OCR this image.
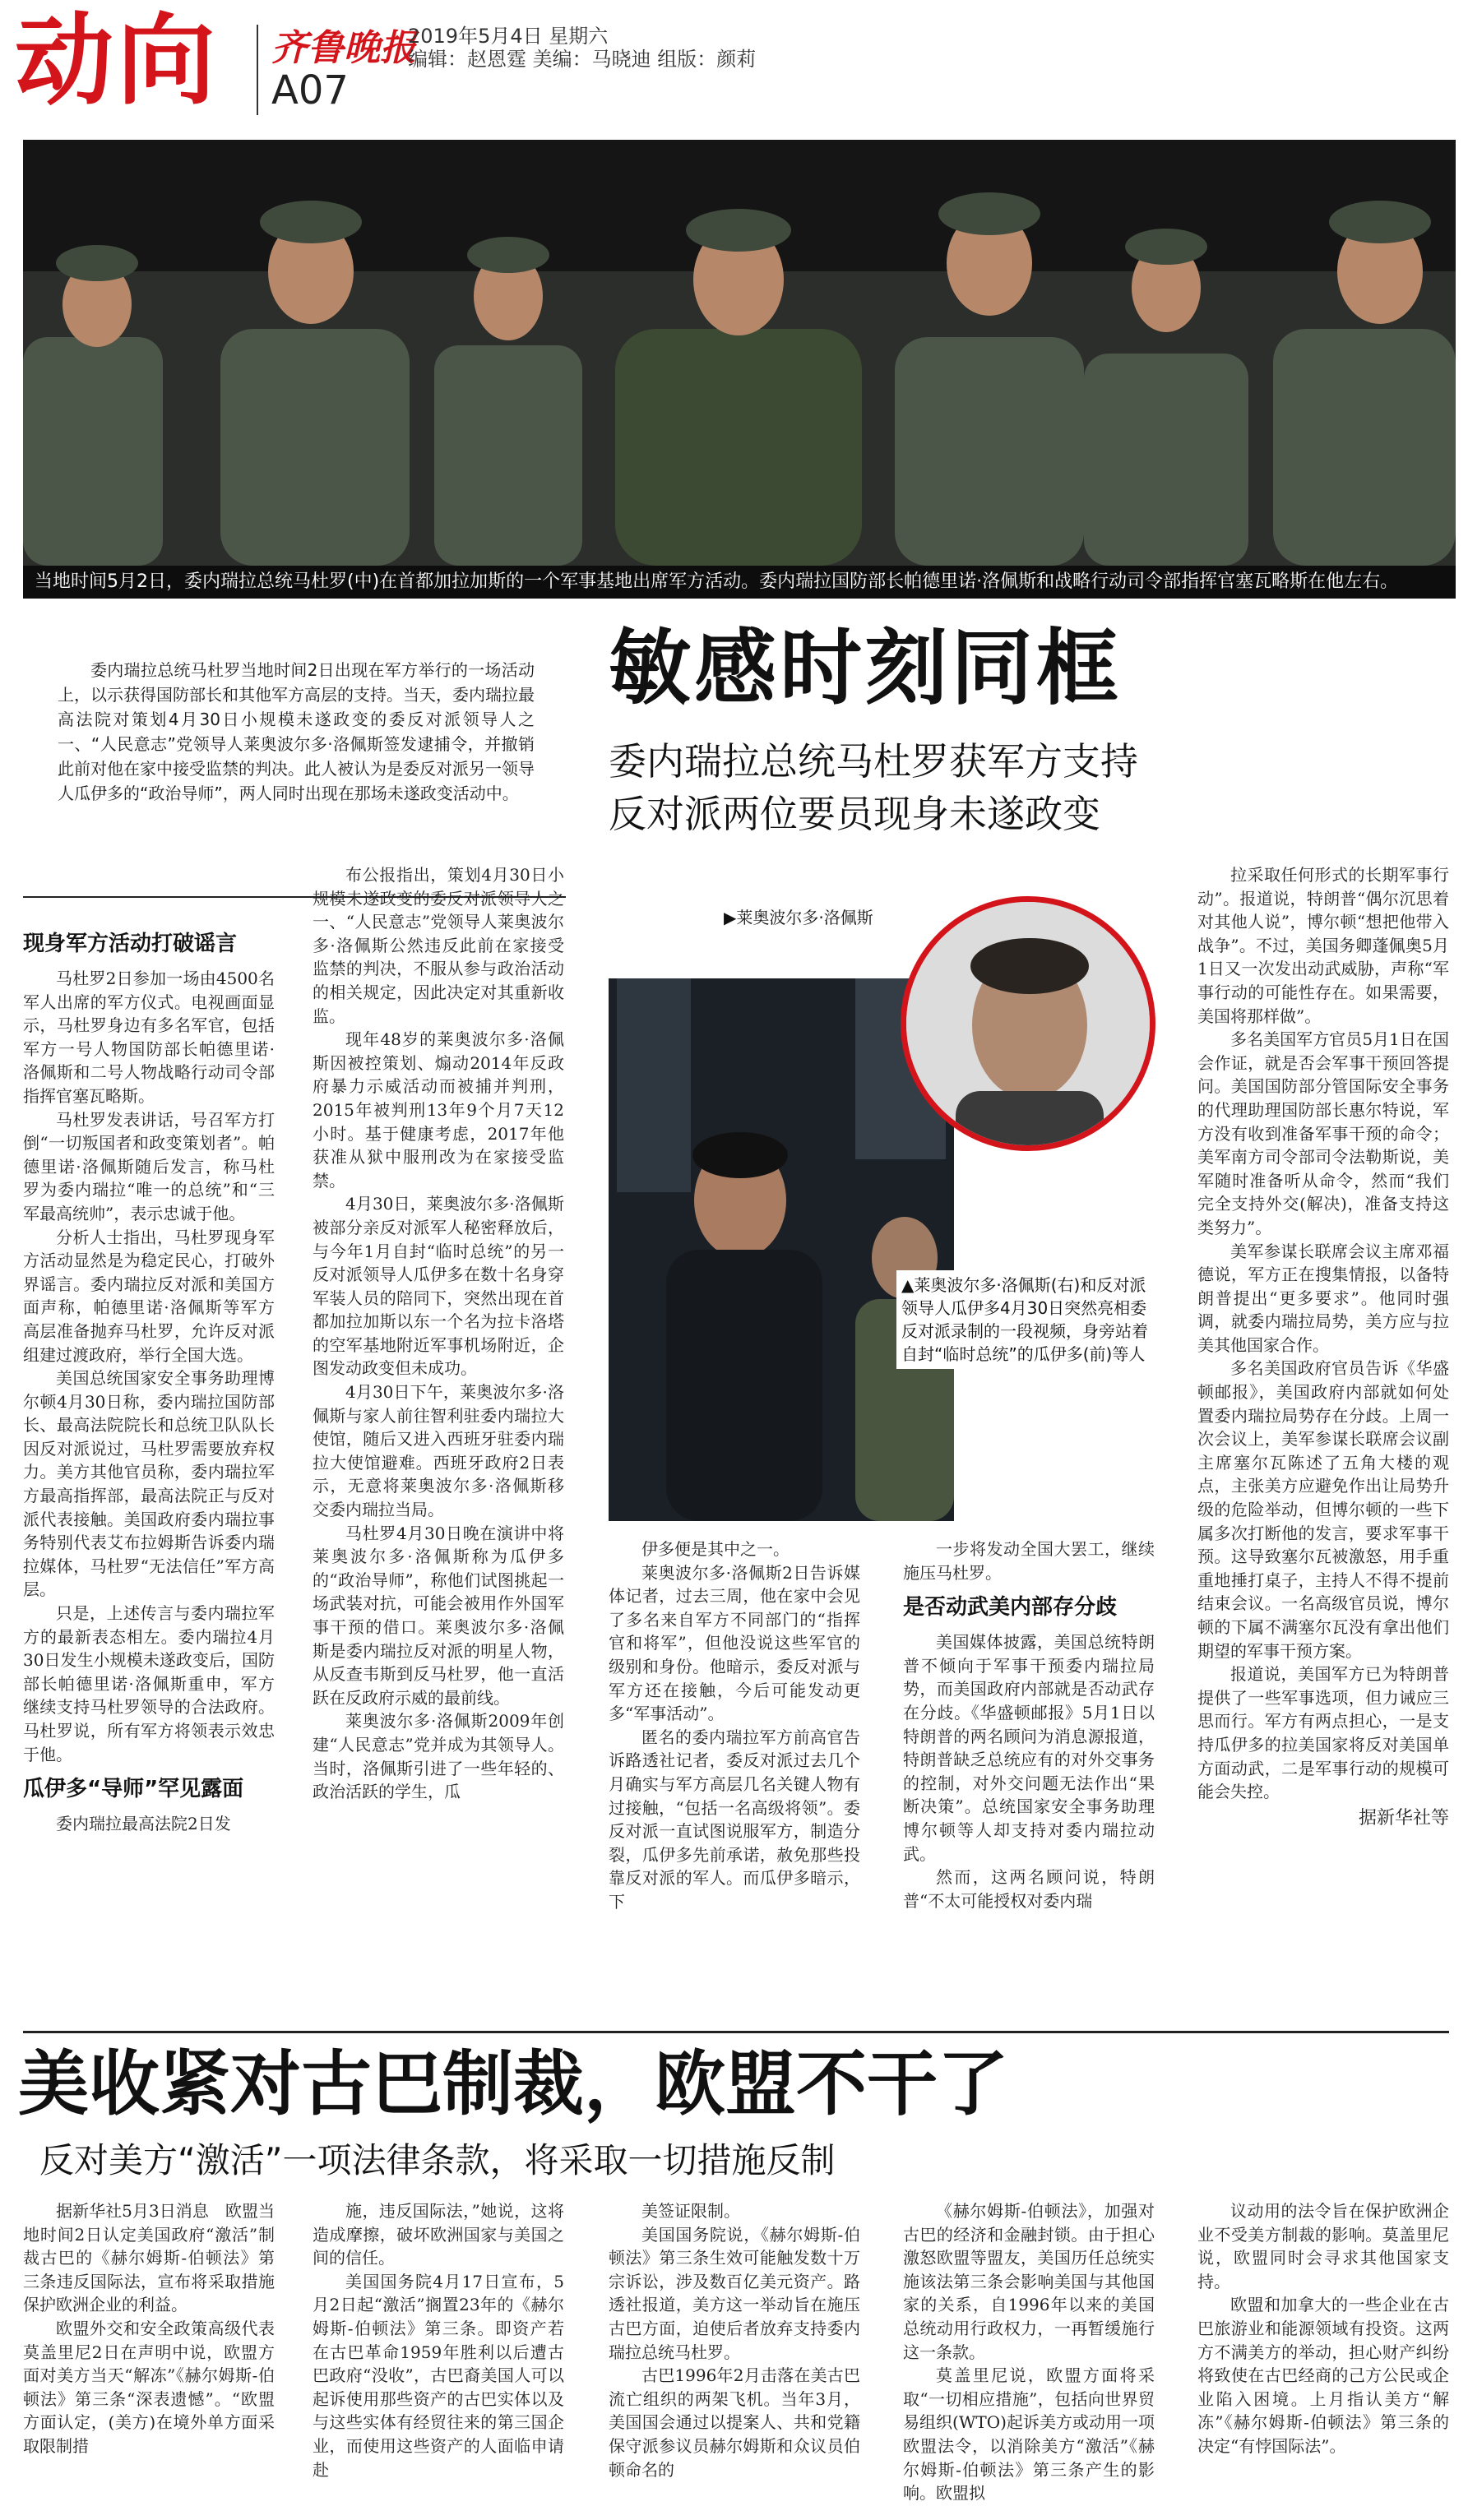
动向 齐鲁晚报
A07
2019年5月4日 星期六
编辑：赵恩霆 美编：马晓迪 组版：颜莉
当地时间5月2日，委内瑞拉总统马杜罗(中)在首都加拉加斯的一个军事基地出席军方活动。委内瑞拉国防部长帕德里诺·洛佩斯和战略行动司令部指挥官塞瓦略斯在他左右。
委内瑞拉总统马杜罗当地时间2日出现在军方举行的一场活动上，以示获得国防部长和其他军方高层的支持。当天，委内瑞拉最高法院对策划4月30日小规模未遂政变的委反对派领导人之一、“人民意志”党领导人莱奥波尔多·洛佩斯签发逮捕令，并撤销此前对他在家中接受监禁的判决。此人被认为是委反对派另一领导人瓜伊多的“政治导师”，两人同时出现在那场未遂政变活动中。
敏感时刻同框
委内瑞拉总统马杜罗获军方支持
反对派两位要员现身未遂政变
现身军方活动打破谣言

马杜罗2日参加一场由4500名军人出席的军方仪式。电视画面显示，马杜罗身边有多名军官，包括军方一号人物国防部长帕德里诺·洛佩斯和二号人物战略行动司令部指挥官塞瓦略斯。

马杜罗发表讲话，号召军方打倒“一切叛国者和政变策划者”。帕德里诺·洛佩斯随后发言，称马杜罗为委内瑞拉“唯一的总统”和“三军最高统帅”，表示忠诚于他。

分析人士指出，马杜罗现身军方活动显然是为稳定民心，打破外界谣言。委内瑞拉反对派和美国方面声称，帕德里诺·洛佩斯等军方高层准备抛弃马杜罗，允许反对派组建过渡政府，举行全国大选。

美国总统国家安全事务助理博尔顿4月30日称，委内瑞拉国防部长、最高法院院长和总统卫队队长因反对派说过，马杜罗需要放弃权力。美方其他官员称，委内瑞拉军方最高指挥部，最高法院正与反对派代表接触。美国政府委内瑞拉事务特别代表艾布拉姆斯告诉委内瑞拉媒体，马杜罗“无法信任”军方高层。

只是，上述传言与委内瑞拉军方的最新表态相左。委内瑞拉4月30日发生小规模未遂政变后，国防部长帕德里诺·洛佩斯重申，军方继续支持马杜罗领导的合法政府。马杜罗说，所有军方将领表示效忠于他。

瓜伊多“导师”罕见露面

委内瑞拉最高法院2日发

布公报指出，策划4月30日小规模未遂政变的委反对派领导人之一、“人民意志”党领导人莱奥波尔多·洛佩斯公然违反此前在家接受监禁的判决，不服从参与政治活动的相关规定，因此决定对其重新收监。

现年48岁的莱奥波尔多·洛佩斯因被控策划、煽动2014年反政府暴力示威活动而被捕并判刑，2015年被判刑13年9个月7天12小时。基于健康考虑，2017年他获准从狱中服刑改为在家接受监禁。

4月30日，莱奥波尔多·洛佩斯被部分亲反对派军人秘密释放后，与今年1月自封“临时总统”的另一反对派领导人瓜伊多在数十名身穿军装人员的陪同下，突然出现在首都加拉加斯以东一个名为拉卡洛塔的空军基地附近军事机场附近，企图发动政变但未成功。

4月30日下午，莱奥波尔多·洛佩斯与家人前往智利驻委内瑞拉大使馆，随后又进入西班牙驻委内瑞拉大使馆避难。西班牙政府2日表示，无意将莱奥波尔多·洛佩斯移交委内瑞拉当局。

马杜罗4月30日晚在演讲中将莱奥波尔多·洛佩斯称为瓜伊多的“政治导师”，称他们试图挑起一场武装对抗，可能会被用作外国军事干预的借口。莱奥波尔多·洛佩斯是委内瑞拉反对派的明星人物，从反查韦斯到反马杜罗，他一直活跃在反政府示威的最前线。

莱奥波尔多·洛佩斯2009年创建“人民意志”党并成为其领导人。当时，洛佩斯引进了一些年轻的、政治活跃的学生，瓜

伊多便是其中之一。

莱奥波尔多·洛佩斯2日告诉媒体记者，过去三周，他在家中会见了多名来自军方不同部门的“指挥官和将军”，但他没说这些军官的级别和身份。他暗示，委反对派与军方还在接触，今后可能发动更多“军事活动”。

匿名的委内瑞拉军方前高官告诉路透社记者，委反对派过去几个月确实与军方高层几名关键人物有过接触，“包括一名高级将领”。委反对派一直试图说服军方，制造分裂，瓜伊多先前承诺，赦免那些投靠反对派的军人。而瓜伊多暗示，下

一步将发动全国大罢工，继续施压马杜罗。

是否动武美内部存分歧

美国媒体披露，美国总统特朗普不倾向于军事干预委内瑞拉局势，而美国政府内部就是否动武存在分歧。《华盛顿邮报》5月1日以特朗普的两名顾问为消息源报道，特朗普缺乏总统应有的对外交事务的控制，对外交问题无法作出“果断决策”。总统国家安全事务助理博尔顿等人却支持对委内瑞拉动武。

然而，这两名顾问说，特朗普“不太可能授权对委内瑞

拉采取任何形式的长期军事行动”。报道说，特朗普“偶尔沉思着对其他人说”，博尔顿“想把他带入战争”。不过，美国务卿蓬佩奥5月1日又一次发出动武威胁，声称“军事行动的可能性存在。如果需要，美国将那样做”。

多名美国军方官员5月1日在国会作证，就是否会军事干预回答提问。美国国防部分管国际安全事务的代理助理国防部长惠尔特说，军方没有收到准备军事干预的命令；美军南方司令部司令法勒斯说，美军随时准备听从命令，然而“我们完全支持外交(解决)，准备支持这类努力”。

美军参谋长联席会议主席邓福德说，军方正在搜集情报，以备特朗普提出“更多要求”。他同时强调，就委内瑞拉局势，美方应与拉美其他国家合作。

多名美国政府官员告诉《华盛顿邮报》，美国政府内部就如何处置委内瑞拉局势存在分歧。上周一次会议上，美军参谋长联席会议副主席塞尔瓦陈述了五角大楼的观点，主张美方应避免作出让局势升级的危险举动，但博尔顿的一些下属多次打断他的发言，要求军事干预。这导致塞尔瓦被激怒，用手重重地捶打桌子，主持人不得不提前结束会议。一名高级官员说，博尔顿的下属不满塞尔瓦没有拿出他们期望的军事干预方案。

报道说，美国军方已为特朗普提供了一些军事选项，但力诫应三思而行。军方有两点担心，一是支持瓜伊多的拉美国家将反对美国单方面动武，二是军事行动的规模可能会失控。

据新华社等
▶莱奥波尔多·洛佩斯
▲莱奥波尔多·洛佩斯(右)和反对派领导人瓜伊多4月30日突然亮相委反对派录制的一段视频，身旁站着自封“临时总统”的瓜伊多(前)等人
美收紧对古巴制裁，欧盟不干了
反对美方“激活”一项法律条款，将采取一切措施反制

据新华社5月3日消息　欧盟当地时间2日认定美国政府“激活”制裁古巴的《赫尔姆斯-伯顿法》第三条违反国际法，宣布将采取措施保护欧洲企业的利益。

欧盟外交和安全政策高级代表莫盖里尼2日在声明中说，欧盟方面对美方当天“解冻”《赫尔姆斯-伯顿法》第三条“深表遗憾”。“欧盟方面认定，(美方)在境外单方面采取限制措

施，违反国际法，”她说，这将造成摩擦，破坏欧洲国家与美国之间的信任。

美国国务院4月17日宣布，5月2日起“激活”搁置23年的《赫尔姆斯-伯顿法》第三条。即资产若在古巴革命1959年胜利以后遭古巴政府“没收”，古巴裔美国人可以起诉使用那些资产的古巴实体以及与这些实体有经贸往来的第三国企业，而使用这些资产的人面临申请赴

美签证限制。

美国国务院说，《赫尔姆斯-伯顿法》第三条生效可能触发数十万宗诉讼，涉及数百亿美元资产。路透社报道，美方这一举动旨在施压古巴方面，迫使后者放弃支持委内瑞拉总统马杜罗。

古巴1996年2月击落在美古巴流亡组织的两架飞机。当年3月，美国国会通过以提案人、共和党籍保守派参议员赫尔姆斯和众议员伯顿命名的

《赫尔姆斯-伯顿法》，加强对古巴的经济和金融封锁。由于担心激怒欧盟等盟友，美国历任总统实施该法第三条会影响美国与其他国家的关系，自1996年以来的美国总统动用行政权力，一再暂缓施行这一条款。

莫盖里尼说，欧盟方面将采取“一切相应措施”，包括向世界贸易组织(WTO)起诉美方或动用一项欧盟法令，以消除美方“激活”《赫尔姆斯-伯顿法》第三条产生的影响。欧盟拟

议动用的法令旨在保护欧洲企业不受美方制裁的影响。莫盖里尼说，欧盟同时会寻求其他国家支持。

欧盟和加拿大的一些企业在古巴旅游业和能源领域有投资。这两方不满美方的举动，担心财产纠纷将致使在古巴经商的己方公民或企业陷入困境。上月指认美方“解冻”《赫尔姆斯-伯顿法》第三条的决定“有悖国际法”。
